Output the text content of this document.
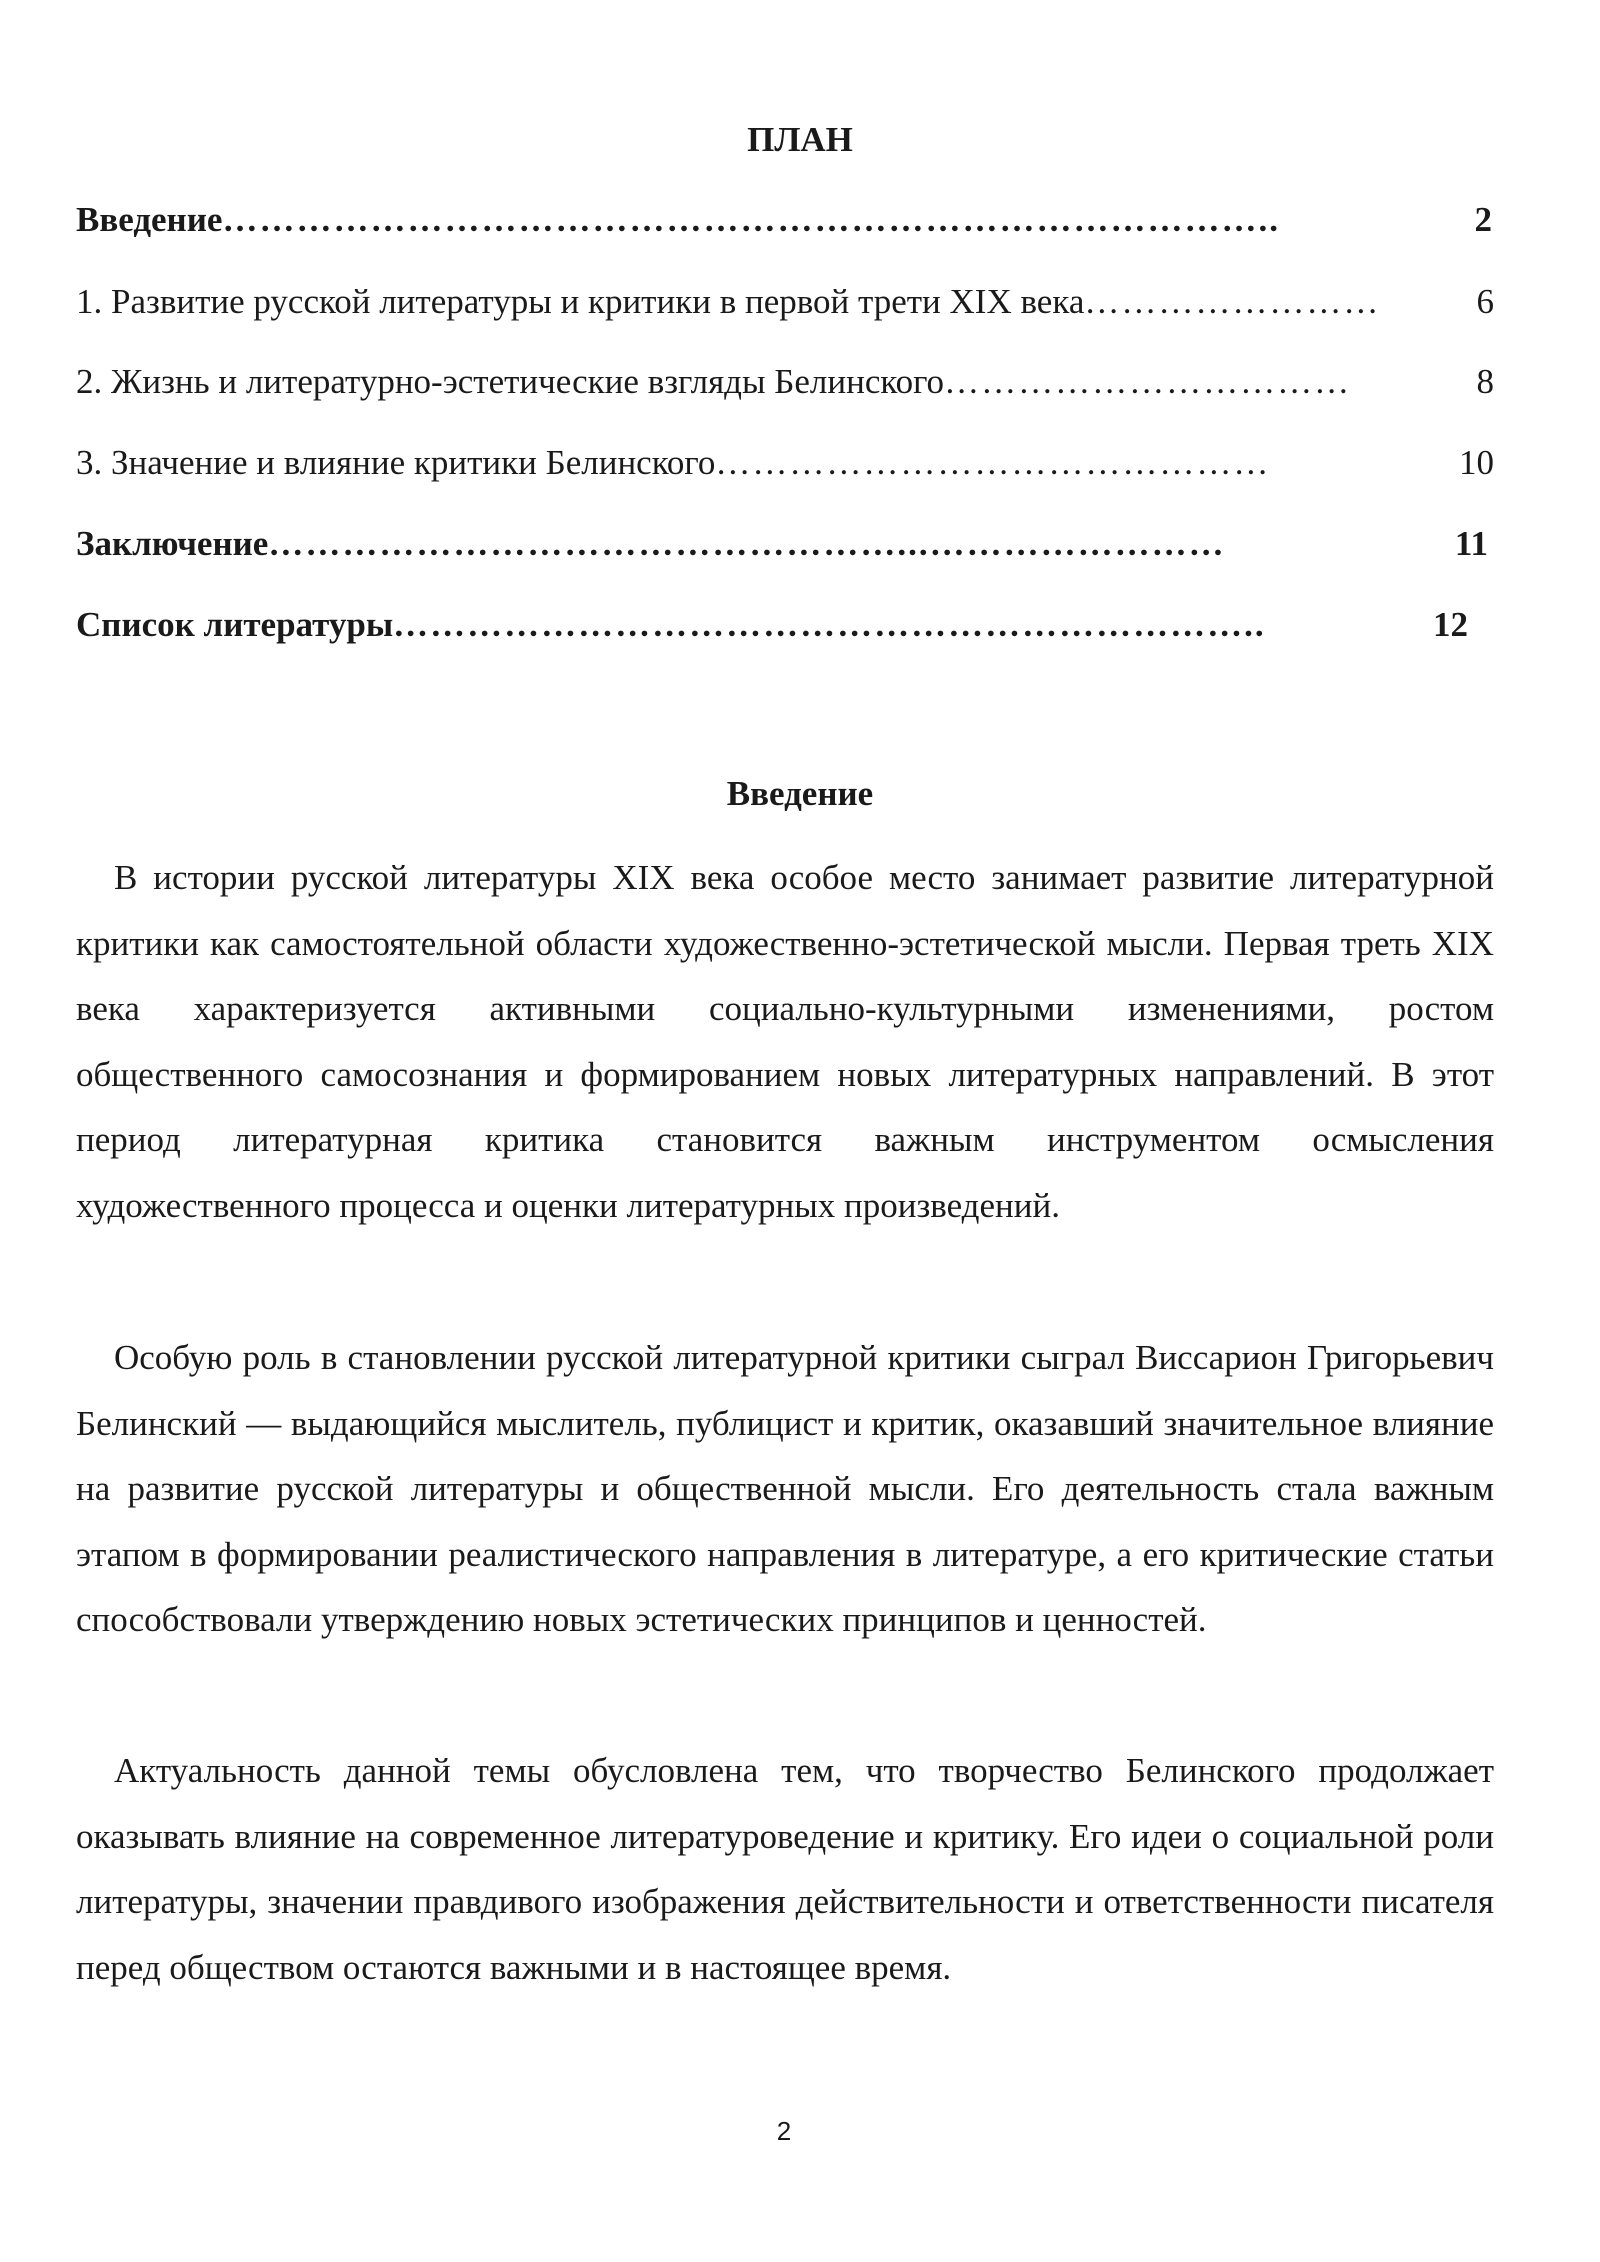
ПЛАН
Введение …………………………………………………………………………..	2
1. Развитие русской литературы и критики в первой трети XIX века ……………………	6
2. Жизнь и литературно-эстетические взгляды Белинского ……………………………	8
3. Значение и влияние критики Белинского ………………………………………	10
Заключение ……………………………………………...……………………	11
Список литературы ……………………………………………………………..	12
Введение

В истории русской литературы XIX века особое место занимает развитие литературной критики как самостоятельной области художественно-эстетической мысли. Первая треть XIX века характеризуется активными социально-культурными изменениями, ростом общественного самосознания и формированием новых литературных направлений. В этот период литературная критика становится важным инструментом осмысления художественного процесса и оценки литературных произведений.

Особую роль в становлении русской литературной критики сыграл Виссарион Григорьевич Белинский — выдающийся мыслитель, публицист и критик, оказавший значительное влияние на развитие русской литературы и общественной мысли. Его деятельность стала важным этапом в формировании реалистического направления в литературе, а его критические статьи способствовали утверждению новых эстетических принципов и ценностей.

Актуальность данной темы обусловлена тем, что творчество Белинского продолжает оказывать влияние на современное литературоведение и критику. Его идеи о социальной роли литературы, значении правдивого изображения действительности и ответственности писателя перед обществом остаются важными и в настоящее время.

2
